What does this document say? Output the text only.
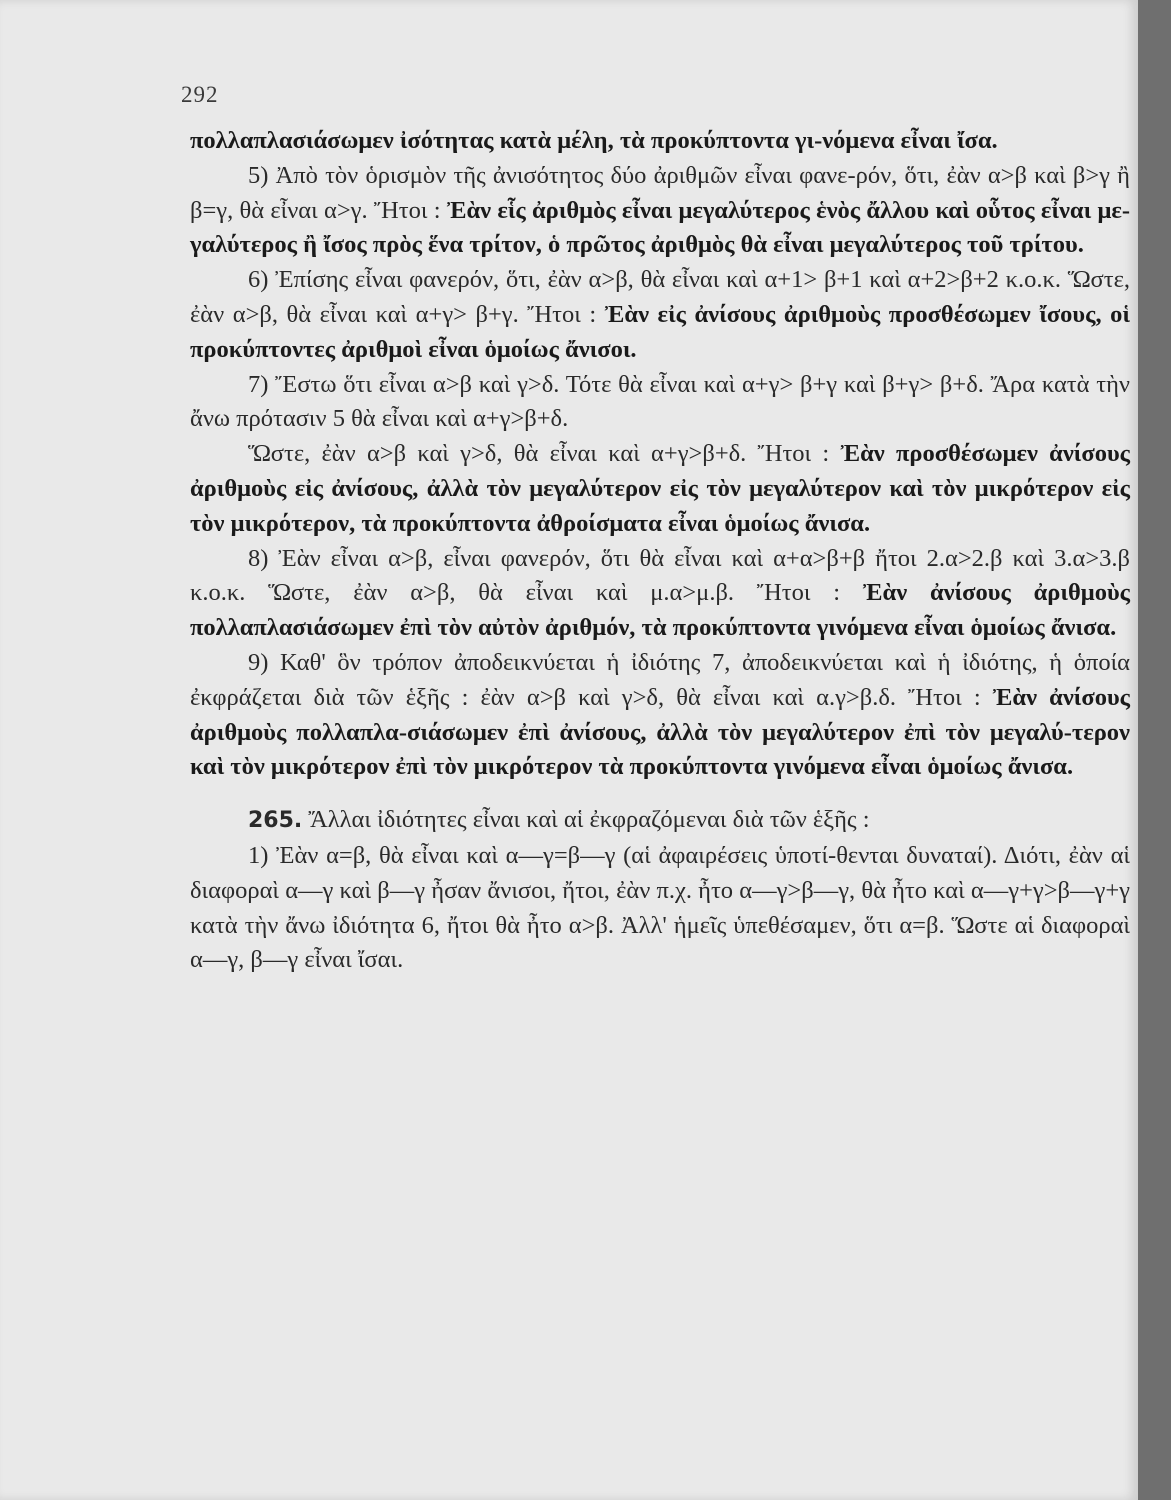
292

πολλαπλασιάσωμεν ἰσότητας κατὰ μέλη, τὰ προκύπτοντα γι-νόμενα εἶναι ἴσα.

5) Ἀπὸ τὸν ὁρισμὸν τῆς ἀνισότητος δύο ἀριθμῶν εἶναι φανε-ρόν, ὅτι, ἐὰν α>β καὶ β>γ ἢ β=γ, θὰ εἶναι α>γ. Ἤτοι : Ἐὰν εἷς ἀριθμὸς εἶναι μεγαλύτερος ἑνὸς ἄλλου καὶ οὗτος εἶναι με-γαλύτερος ἢ ἴσος πρὸς ἕνα τρίτον, ὁ πρῶτος ἀριθμὸς θὰ εἶναι μεγαλύτερος τοῦ τρίτου.

6) Ἐπίσης εἶναι φανερόν, ὅτι, ἐὰν α>β, θὰ εἶναι καὶ α+1> β+1 καὶ α+2>β+2 κ.ο.κ. Ὥστε, ἐὰν α>β, θὰ εἶναι καὶ α+γ> β+γ. Ἤτοι : Ἐὰν εἰς ἀνίσους ἀριθμοὺς προσθέσωμεν ἴσους, οἱ προκύπτοντες ἀριθμοὶ εἶναι ὁμοίως ἄνισοι.

7) Ἔστω ὅτι εἶναι α>β καὶ γ>δ. Τότε θὰ εἶναι καὶ α+γ> β+γ καὶ β+γ> β+δ. Ἄρα κατὰ τὴν ἄνω πρότασιν 5 θὰ εἶναι καὶ α+γ>β+δ.

Ὥστε, ἐὰν α>β καὶ γ>δ, θὰ εἶναι καὶ α+γ>β+δ. Ἤτοι : Ἐὰν προσθέσωμεν ἀνίσους ἀριθμοὺς εἰς ἀνίσους, ἀλλὰ τὸν μεγαλύτερον εἰς τὸν μεγαλύτερον καὶ τὸν μικρότερον εἰς τὸν μικρότερον, τὰ προκύπτοντα ἀθροίσματα εἶναι ὁμοίως ἄνισα.

8) Ἐὰν εἶναι α>β, εἶναι φανερόν, ὅτι θὰ εἶναι καὶ α+α>β+β ἤτοι 2.α>2.β καὶ 3.α>3.β κ.ο.κ. Ὥστε, ἐὰν α>β, θὰ εἶναι καὶ μ.α>μ.β. Ἤτοι : Ἐὰν ἀνίσους ἀριθμοὺς πολλαπλασιάσωμεν ἐπὶ τὸν αὐτὸν ἀριθμόν, τὰ προκύπτοντα γινόμενα εἶναι ὁμοίως ἄνισα.

9) Καθ' ὃν τρόπον ἀποδεικνύεται ἡ ἰδιότης 7, ἀποδεικνύεται καὶ ἡ ἰδιότης, ἡ ὁποία ἐκφράζεται διὰ τῶν ἑξῆς : ἐὰν α>β καὶ γ>δ, θὰ εἶναι καὶ α.γ>β.δ. Ἤτοι : Ἐὰν ἀνίσους ἀριθμοὺς πολλαπλα-σιάσωμεν ἐπὶ ἀνίσους, ἀλλὰ τὸν μεγαλύτερον ἐπὶ τὸν μεγαλύ-τερον καὶ τὸν μικρότερον ἐπὶ τὸν μικρότερον τὰ προκύπτοντα γινόμενα εἶναι ὁμοίως ἄνισα.

265. Ἄλλαι ἰδιότητες εἶναι καὶ αἱ ἐκφραζόμεναι διὰ τῶν ἑξῆς :

1) Ἐὰν α=β, θὰ εἶναι καὶ α—γ=β—γ (αἱ ἀφαιρέσεις ὑποτί-θενται δυναταί). Διότι, ἐὰν αἱ διαφοραὶ α—γ καὶ β—γ ἦσαν ἄνισοι, ἤτοι, ἐὰν π.χ. ἦτο α—γ>β—γ, θὰ ἦτο καὶ α—γ+γ>β—γ+γ κατὰ τὴν ἄνω ἰδιότητα 6, ἤτοι θὰ ἦτο α>β. Ἀλλ' ἡμεῖς ὑπεθέσαμεν, ὅτι α=β. Ὥστε αἱ διαφοραὶ α—γ, β—γ εἶναι ἴσαι.
